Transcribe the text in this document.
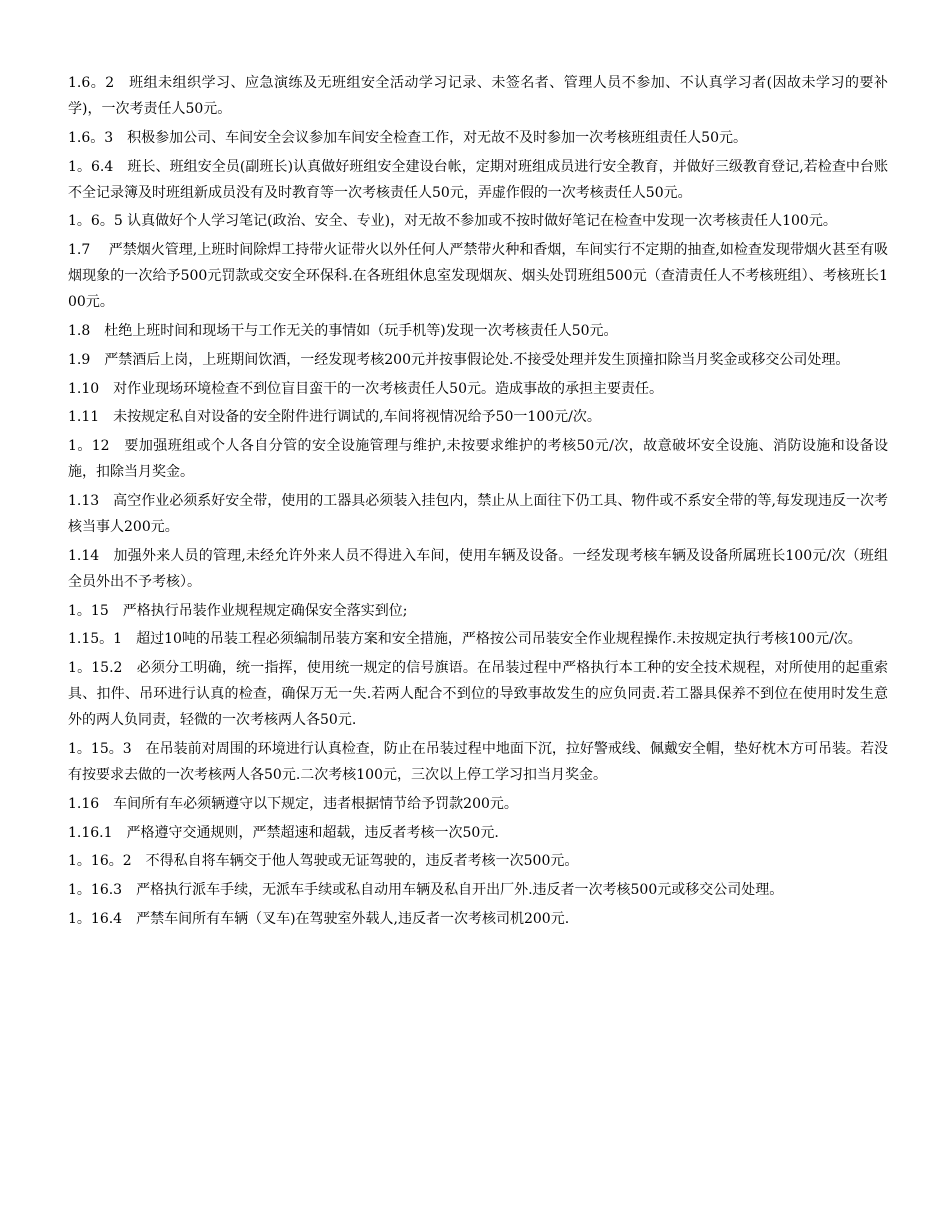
1.6。2　班组未组织学习、应急演练及无班组安全活动学习记录、未签名者、管理人员不参加、不认真学习者(因故未学习的要补学)，一次考责任人50元。

1.6。3　积极参加公司、车间安全会议参加车间安全检查工作，对无故不及时参加一次考核班组责任人50元。

1。6.4　班长、班组安全员(副班长)认真做好班组安全建设台帐，定期对班组成员进行安全教育，并做好三级教育登记,若检查中台账不全记录簿及时班组新成员没有及时教育等一次考核责任人50元，弄虚作假的一次考核责任人50元。

1。6。5 认真做好个人学习笔记(政治、安全、专业)，对无故不参加或不按时做好笔记在检查中发现一次考核责任人100元。

1.7　 严禁烟火管理,上班时间除焊工持带火证带火以外任何人严禁带火种和香烟，车间实行不定期的抽查,如检查发现带烟火甚至有吸烟现象的一次给予500元罚款或交安全环保科.在各班组休息室发现烟灰、烟头处罚班组500元（查清责任人不考核班组）、考核班长100元。

1.8　杜绝上班时间和现场干与工作无关的事情如（玩手机等)发现一次考核责任人50元。

1.9　严禁酒后上岗，上班期间饮酒，一经发现考核200元并按事假论处.不接受处理并发生顶撞扣除当月奖金或移交公司处理。

1.10　对作业现场环境检查不到位盲目蛮干的一次考核责任人50元。造成事故的承担主要责任。

1.11　未按规定私自对设备的安全附件进行调试的,车间将视情况给予50一100元/次。

1。12　要加强班组或个人各自分管的安全设施管理与维护,未按要求维护的考核50元/次，故意破坏安全设施、消防设施和设备设施，扣除当月奖金。

1.13　高空作业必须系好安全带，使用的工器具必须装入挂包内，禁止从上面往下仍工具、物件或不系安全带的等,每发现违反一次考核当事人200元。

1.14　加强外来人员的管理,未经允许外来人员不得进入车间，使用车辆及设备。一经发现考核车辆及设备所属班长100元/次（班组全员外出不予考核）。

1。15　严格执行吊装作业规程规定确保安全落实到位;

1.15。1　超过10吨的吊装工程必须编制吊装方案和安全措施，严格按公司吊装安全作业规程操作.未按规定执行考核100元/次。

1。15.2　必须分工明确，统一指挥，使用统一规定的信号旗语。在吊装过程中严格执行本工种的安全技术规程，对所使用的起重索具、扣件、吊环进行认真的检查，确保万无一失.若两人配合不到位的导致事故发生的应负同责.若工器具保养不到位在使用时发生意外的两人负同责，轻微的一次考核两人各50元.

1。15。3　在吊装前对周围的环境进行认真检查，防止在吊装过程中地面下沉，拉好警戒线、佩戴安全帽，垫好枕木方可吊装。若没有按要求去做的一次考核两人各50元.二次考核100元，三次以上停工学习扣当月奖金。

1.16　车间所有车必须辆遵守以下规定，违者根据情节给予罚款200元。

1.16.1　严格遵守交通规则，严禁超速和超载，违反者考核一次50元.

1。16。2　不得私自将车辆交于他人驾驶或无证驾驶的，违反者考核一次500元。

1。16.3　严格执行派车手续，无派车手续或私自动用车辆及私自开出厂外.违反者一次考核500元或移交公司处理。

1。16.4　严禁车间所有车辆（叉车)在驾驶室外载人,违反者一次考核司机200元.
